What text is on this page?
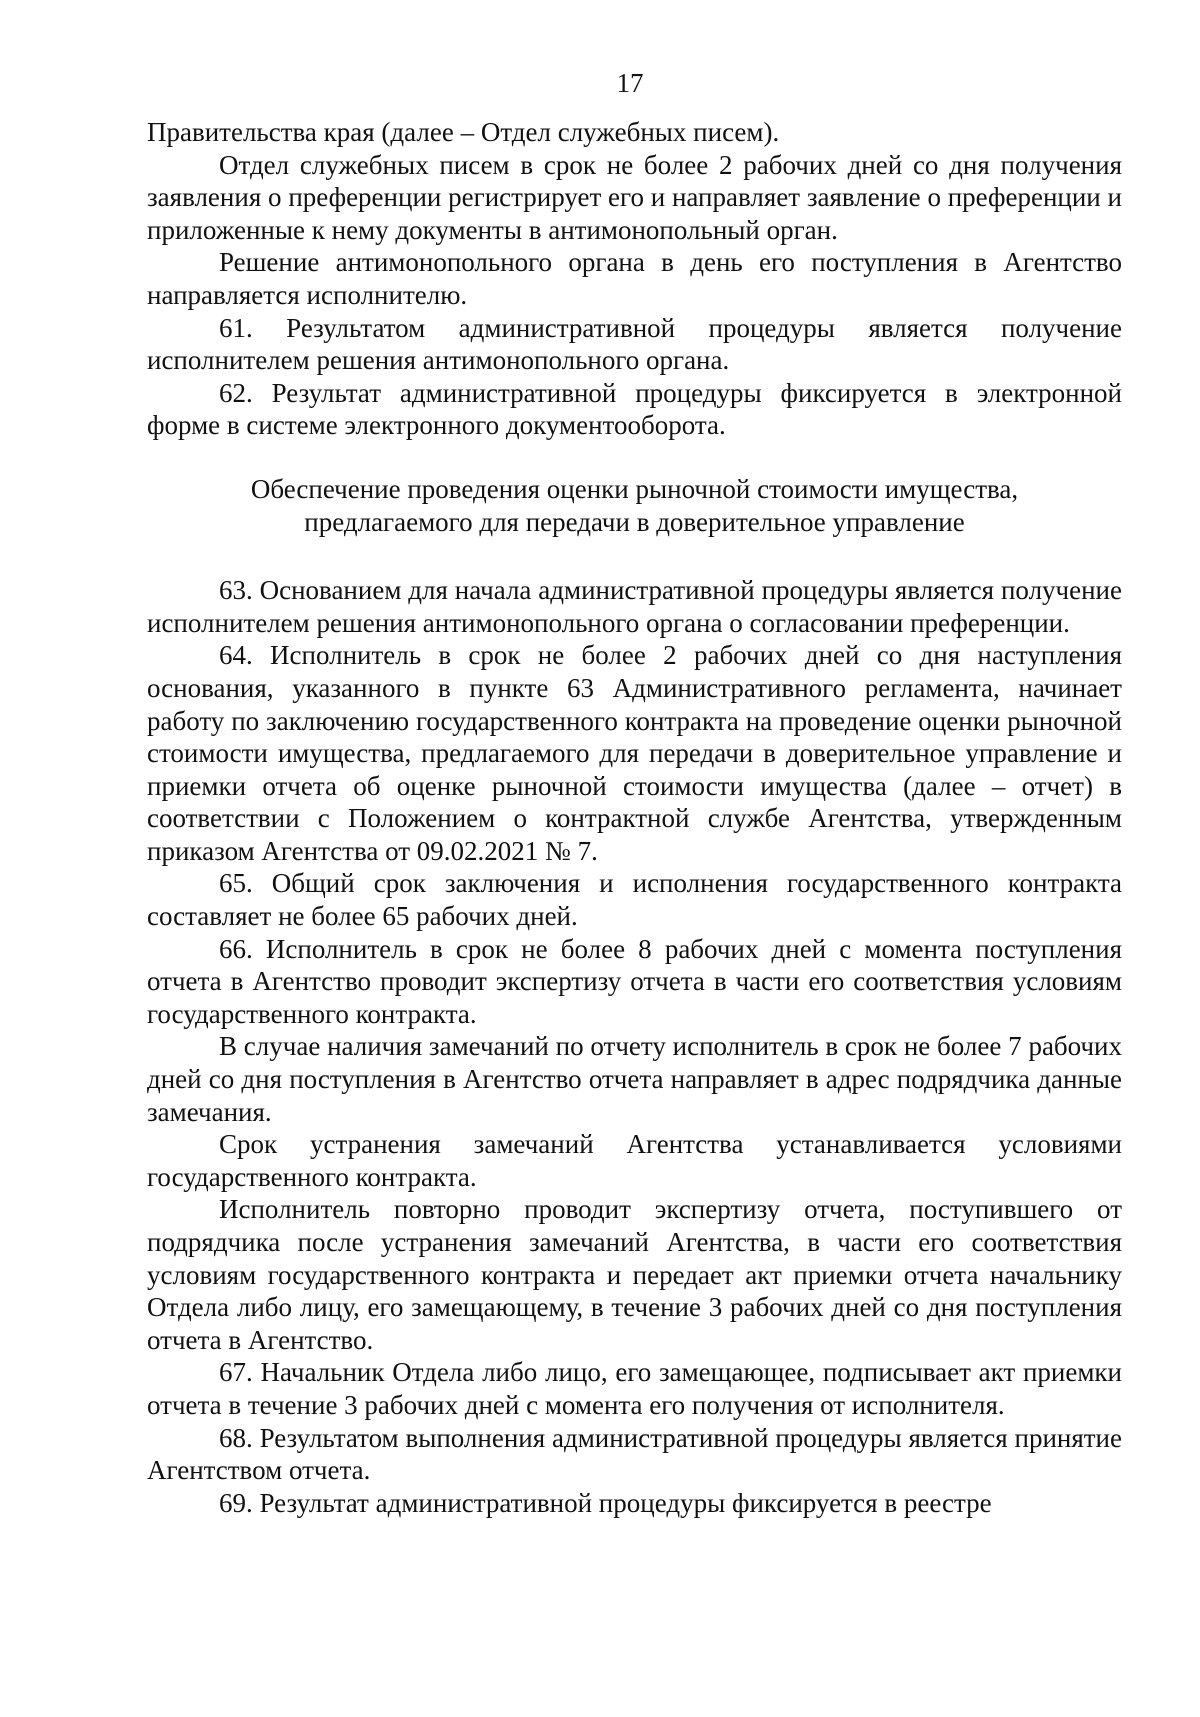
17

Правительства края (далее – Отдел служебных писем).

Отдел служебных писем в срок не более 2 рабочих дней со дня получения заявления о преференции регистрирует его и направляет заявление о преференции и приложенные к нему документы в антимонопольный орган.

Решение антимонопольного органа в день его поступления в Агентство направляется исполнителю.

61. Результатом административной процедуры является получение исполнителем решения антимонопольного органа.

62. Результат административной процедуры фиксируется в электронной форме в системе электронного документооборота.

Обеспечение проведения оценки рыночной стоимости имущества,

предлагаемого для передачи в доверительное управление

63. Основанием для начала административной процедуры является получение исполнителем решения антимонопольного органа о согласовании преференции.

64. Исполнитель в срок не более 2 рабочих дней со дня наступления основания, указанного в пункте 63 Административного регламента, начинает работу по заключению государственного контракта на проведение оценки рыночной стоимости имущества, предлагаемого для передачи в доверительное управление и приемки отчета об оценке рыночной стоимости имущества (далее – отчет) в соответствии с Положением о контрактной службе Агентства, утвержденным приказом Агентства от 09.02.2021 № 7.

65. Общий срок заключения и исполнения государственного контракта составляет не более 65 рабочих дней.

66. Исполнитель в срок не более 8 рабочих дней с момента поступления отчета в Агентство проводит экспертизу отчета в части его соответствия условиям государственного контракта.

В случае наличия замечаний по отчету исполнитель в срок не более 7 рабочих дней со дня поступления в Агентство отчета направляет в адрес подрядчика данные замечания.

Срок устранения замечаний Агентства устанавливается условиями государственного контракта.

Исполнитель повторно проводит экспертизу отчета, поступившего от подрядчика после устранения замечаний Агентства, в части его соответствия условиям государственного контракта и передает акт приемки отчета начальнику Отдела либо лицу, его замещающему, в течение 3 рабочих дней со дня поступления отчета в Агентство.

67. Начальник Отдела либо лицо, его замещающее, подписывает акт приемки отчета в течение 3 рабочих дней с момента его получения от исполнителя.

68. Результатом выполнения административной процедуры является принятие Агентством отчета.

69. Результат административной процедуры фиксируется в реестре
